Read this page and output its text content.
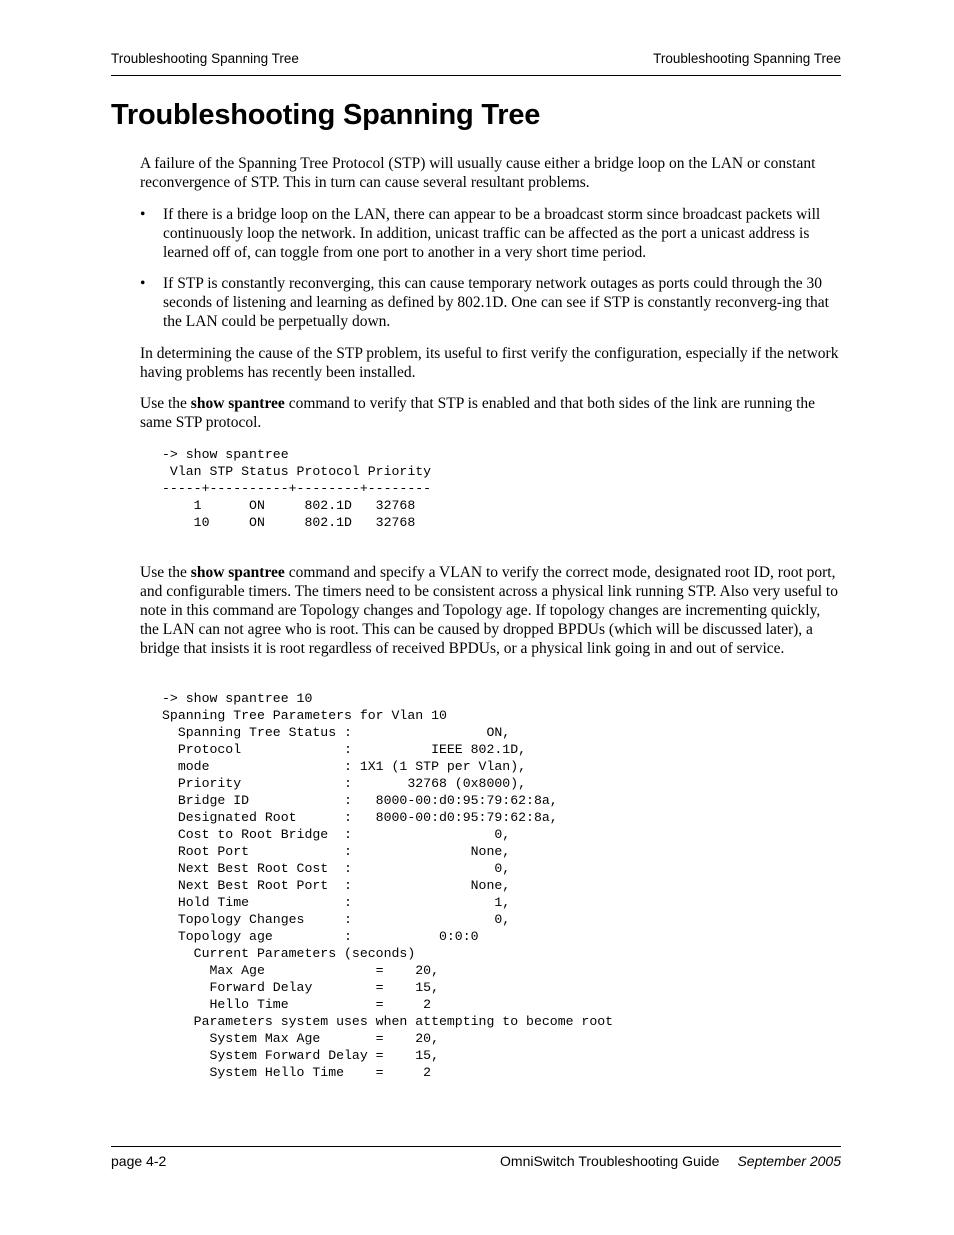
Troubleshooting Spanning Tree	Troubleshooting Spanning Tree
Troubleshooting Spanning Tree

A failure of the Spanning Tree Protocol (STP) will usually cause either a bridge loop on the LAN or constant reconvergence of STP. This in turn can cause several resultant problems.

• If there is a bridge loop on the LAN, there can appear to be a broadcast storm since broadcast packets will continuously loop the network. In addition, unicast traffic can be affected as the port a unicast address is learned off of, can toggle from one port to another in a very short time period.
• If STP is constantly reconverging, this can cause temporary network outages as ports could through the 30 seconds of listening and learning as defined by 802.1D. One can see if STP is constantly reconverg-ing that the LAN could be perpetually down.

In determining the cause of the STP problem, its useful to first verify the configuration, especially if the network having problems has recently been installed.

Use the show spantree command to verify that STP is enabled and that both sides of the link are running the same STP protocol.

-> show spantree
Vlan STP Status Protocol Priority
-----+----------+--------+--------
1      ON     802.1D   32768
10     ON     802.1D   32768

Use the show spantree command and specify a VLAN to verify the correct mode, designated root ID, root port, and configurable timers. The timers need to be consistent across a physical link running STP. Also very useful to note in this command are Topology changes and Topology age. If topology changes are incrementing quickly, the LAN can not agree who is root. This can be caused by dropped BPDUs (which will be discussed later), a bridge that insists it is root regardless of received BPDUs, or a physical link going in and out of service.

-> show spantree 10
Spanning Tree Parameters for Vlan 10
Spanning Tree Status :                 ON,
Protocol             :          IEEE 802.1D,
mode                 : 1X1 (1 STP per Vlan),
Priority             :       32768 (0x8000),
Bridge ID            :   8000-00:d0:95:79:62:8a,
Designated Root      :   8000-00:d0:95:79:62:8a,
Cost to Root Bridge  :                  0,
Root Port            :               None,
Next Best Root Cost  :                  0,
Next Best Root Port  :               None,
Hold Time            :                  1,
Topology Changes     :                  0,
Topology age         :           0:0:0
Current Parameters (seconds)
Max Age              =    20,
Forward Delay        =    15,
Hello Time           =     2
Parameters system uses when attempting to become root
System Max Age       =    20,
System Forward Delay =    15,
System Hello Time    =     2
page 4-2	OmniSwitch Troubleshooting Guide September 2005
